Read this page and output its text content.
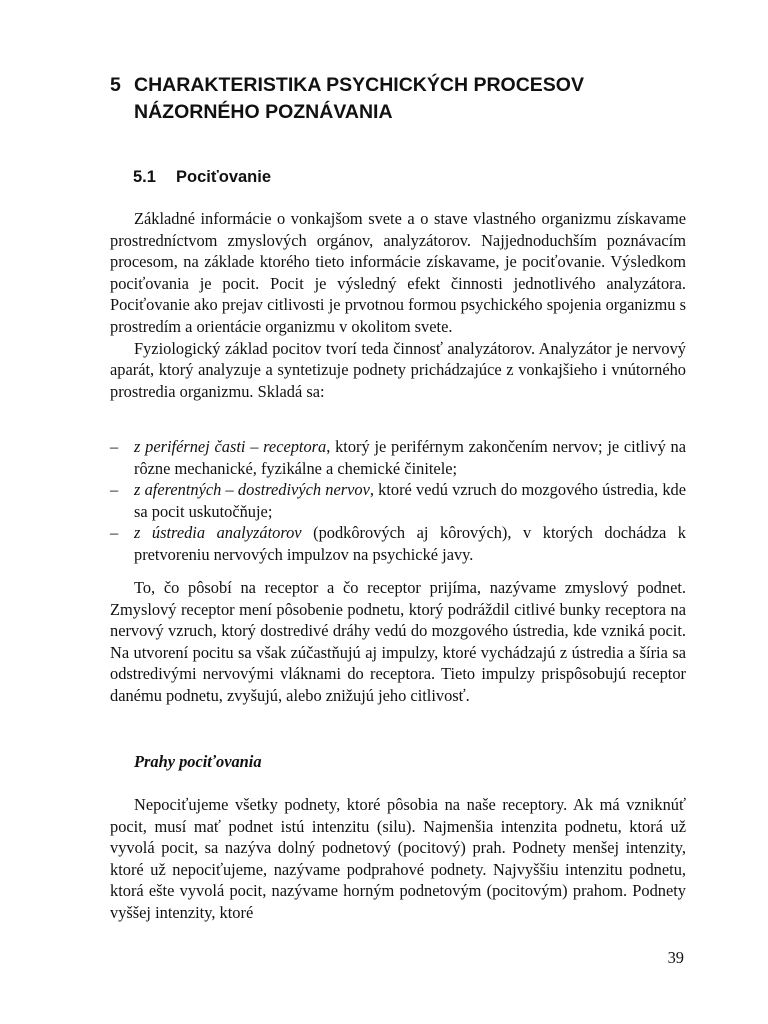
5 CHARAKTERISTIKA PSYCHICKÝCH PROCESOV
NÁZORNÉHO POZNÁVANIA
5.1 Pociťovanie

Základné informácie o vonkajšom svete a o stave vlastného organizmu získavame prostredníctvom zmyslových orgánov, analyzátorov. Najjednoduchším poznávacím procesom, na základe ktorého tieto informácie získavame, je pociťovanie. Výsledkom pociťovania je pocit. Pocit je výsledný efekt činnosti jednotlivého analyzátora. Pociťovanie ako prejav citlivosti je prvotnou formou psychického spojenia organizmu s prostredím a orientácie organizmu v okolitom svete.

Fyziologický základ pocitov tvorí teda činnosť analyzátorov. Analyzátor je nervový aparát, ktorý analyzuje a syntetizuje podnety prichádzajúce z vonkajšieho i vnútorného prostredia organizmu. Skladá sa:

– z periférnej časti – receptora, ktorý je periférnym zakončením nervov; je citlivý na rôzne mechanické, fyzikálne a chemické činitele;
– z aferentných – dostredivých nervov, ktoré vedú vzruch do mozgového ústredia, kde sa pocit uskutočňuje;
– z ústredia analyzátorov (podkôrových aj kôrových), v ktorých dochádza k pretvoreniu nervových impulzov na psychické javy.

To, čo pôsobí na receptor a čo receptor prijíma, nazývame zmyslový podnet. Zmyslový receptor mení pôsobenie podnetu, ktorý podráždil citlivé bunky receptora na nervový vzruch, ktorý dostredivé dráhy vedú do mozgového ústredia, kde vzniká pocit. Na utvorení pocitu sa však zúčastňujú aj impulzy, ktoré vychádzajú z ústredia a šíria sa odstredivými nervovými vláknami do receptora. Tieto impulzy prispôsobujú receptor danému podnetu, zvyšujú, alebo znižujú jeho citlivosť.

Prahy pociťovania

Nepociťujeme všetky podnety, ktoré pôsobia na naše receptory. Ak má vzniknúť pocit, musí mať podnet istú intenzitu (silu). Najmenšia intenzita podnetu, ktorá už vyvolá pocit, sa nazýva dolný podnetový (pocitový) prah. Podnety menšej intenzity, ktoré už nepociťujeme, nazývame podprahové podnety. Najvyššiu intenzitu podnetu, ktorá ešte vyvolá pocit, nazývame horným podnetovým (pocitovým) prahom. Podnety vyššej intenzity, ktoré

39
